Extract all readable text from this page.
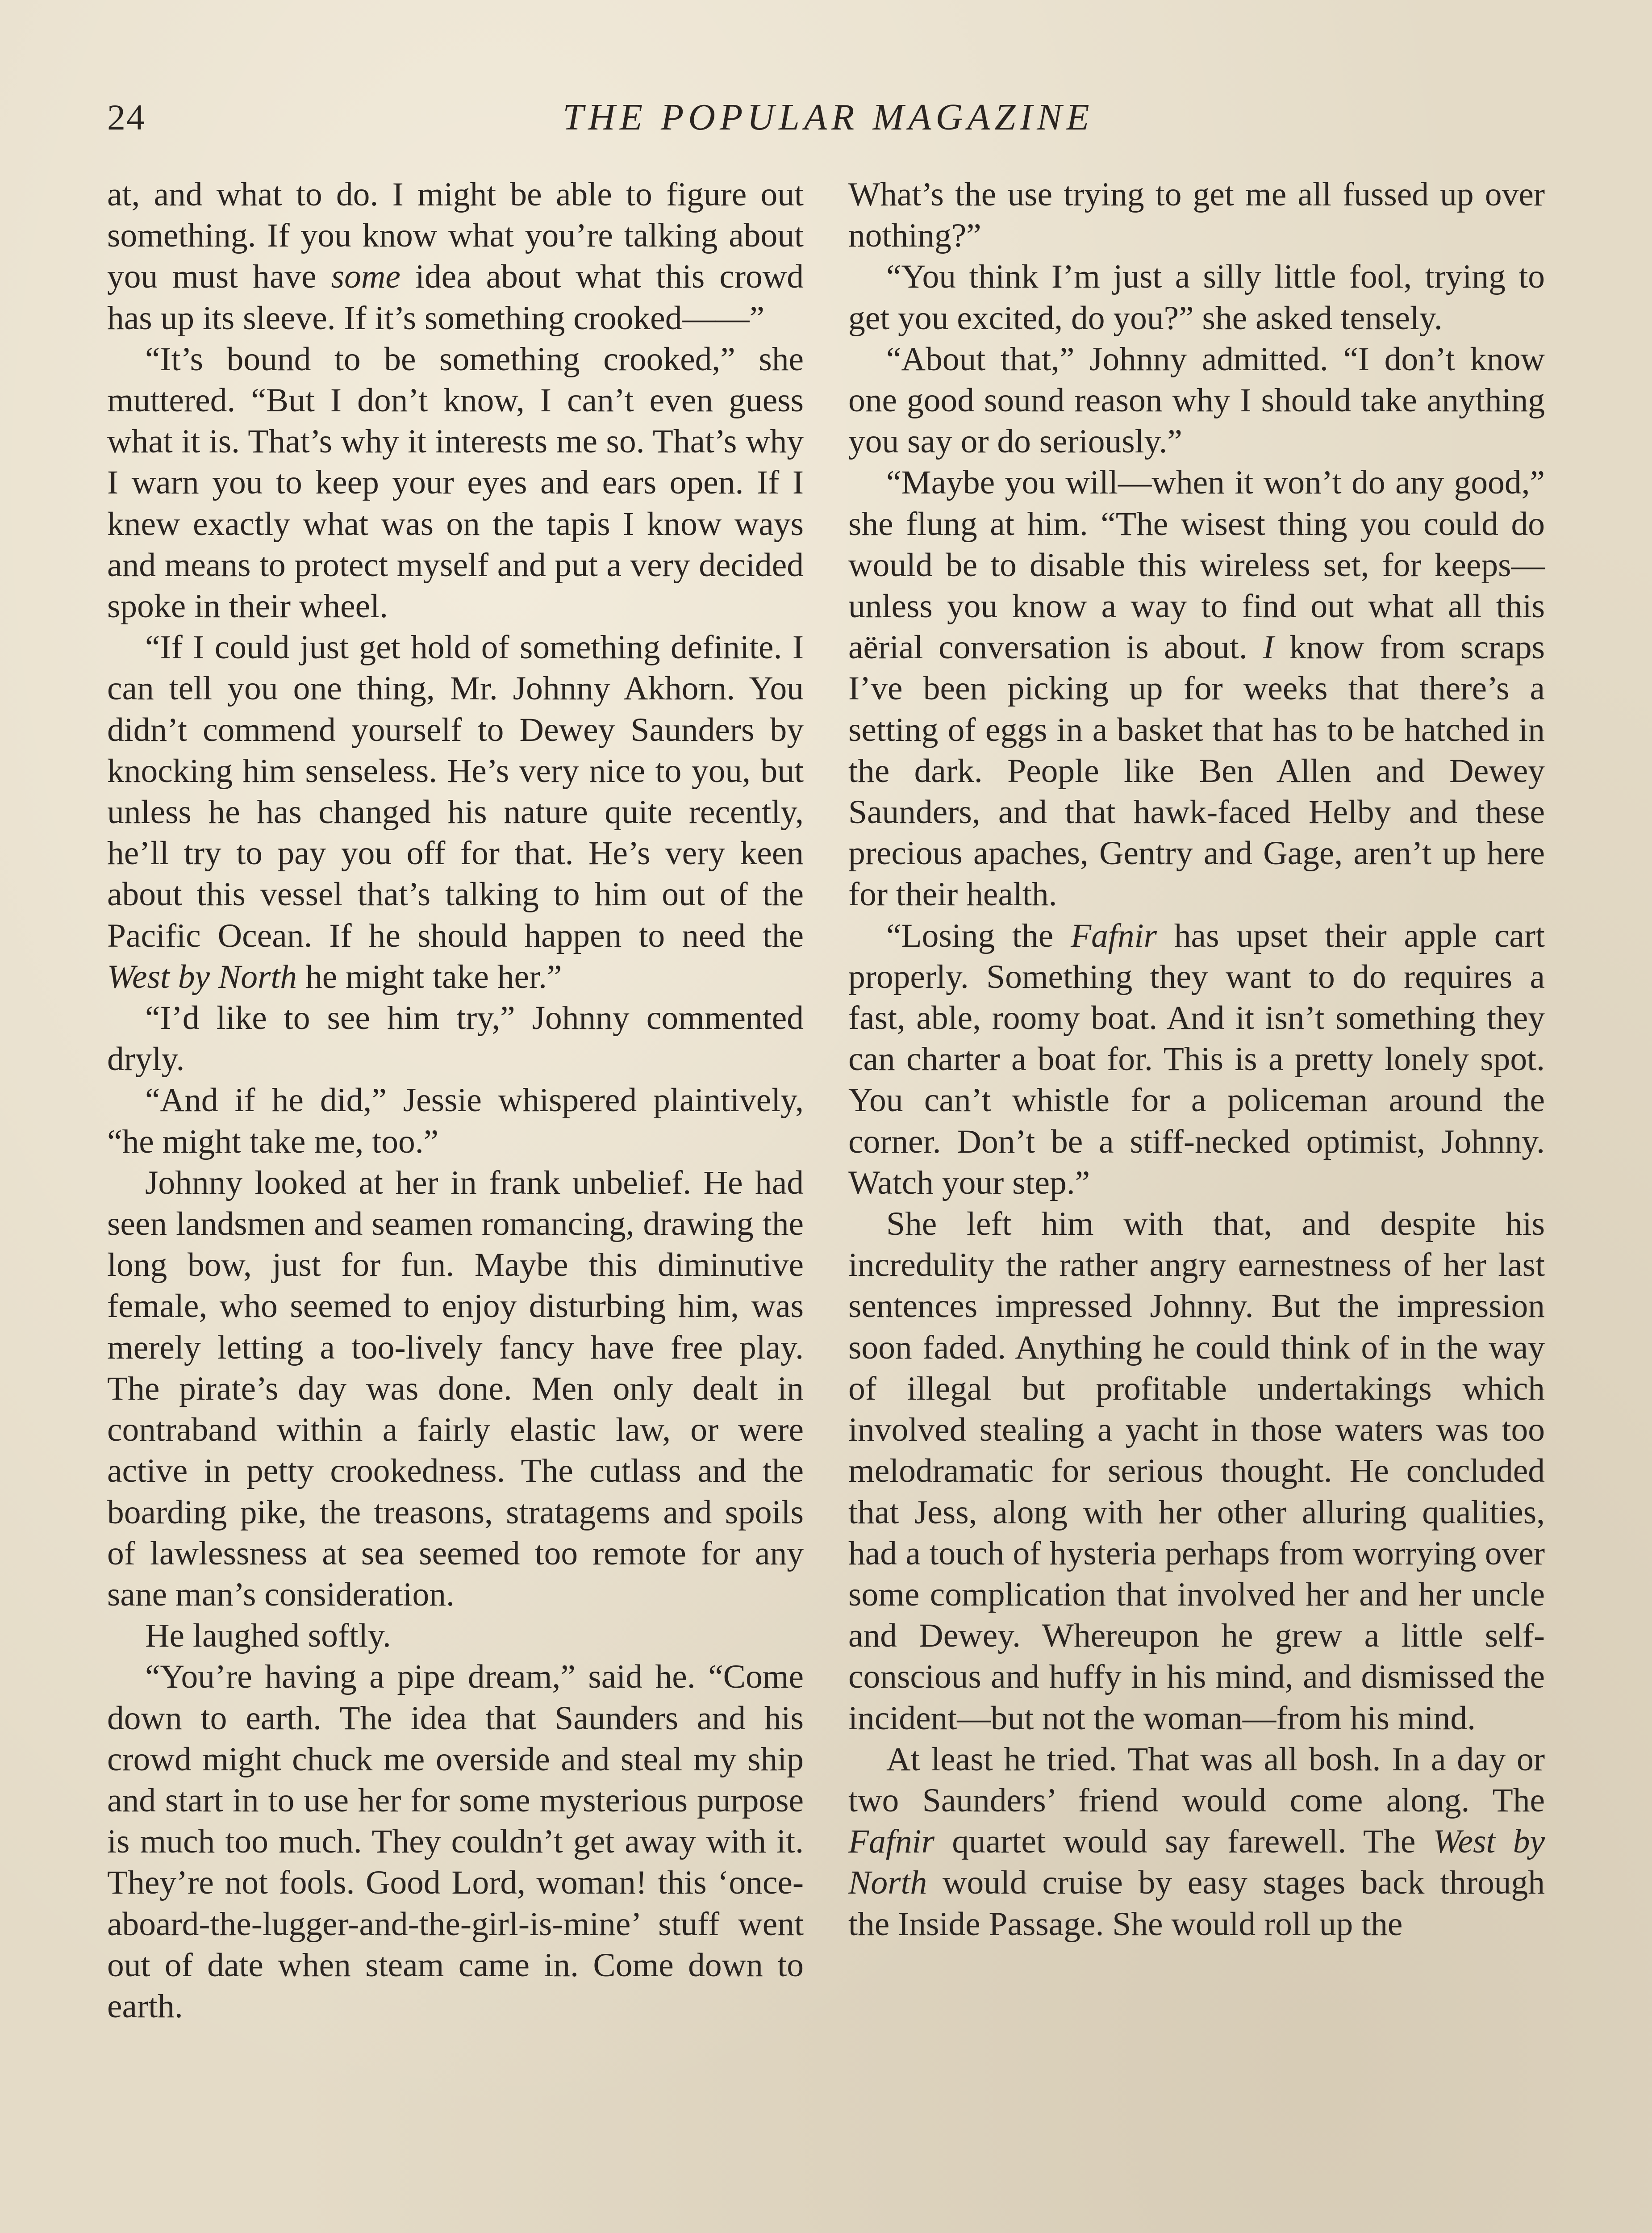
24	THE POPULAR MAGAZINE

at, and what to do. I might be able to figure out something. If you know what you’re talking about you must have some idea about what this crowd has up its sleeve. If it’s something crooked——”

“It’s bound to be something crooked,” she muttered. “But I don’t know, I can’t even guess what it is. That’s why it interests me so. That’s why I warn you to keep your eyes and ears open. If I knew exactly what was on the tapis I know ways and means to protect myself and put a very decided spoke in their wheel.

“If I could just get hold of something definite. I can tell you one thing, Mr. Johnny Akhorn. You didn’t commend yourself to Dewey Saunders by knocking him senseless. He’s very nice to you, but unless he has changed his nature quite recently, he’ll try to pay you off for that. He’s very keen about this vessel that’s talking to him out of the Pacific Ocean. If he should happen to need the West by North he might take her.”

“I’d like to see him try,” Johnny commented dryly.

“And if he did,” Jessie whispered plaintively, “he might take me, too.”

Johnny looked at her in frank unbelief. He had seen landsmen and seamen romancing, drawing the long bow, just for fun. Maybe this diminutive female, who seemed to enjoy disturbing him, was merely letting a too-lively fancy have free play. The pirate’s day was done. Men only dealt in contraband within a fairly elastic law, or were active in petty crookedness. The cutlass and the boarding pike, the treasons, stratagems and spoils of lawlessness at sea seemed too remote for any sane man’s consideration.

He laughed softly.

“You’re having a pipe dream,” said he. “Come down to earth. The idea that Saunders and his crowd might chuck me overside and steal my ship and start in to use her for some mysterious purpose is much too much. They couldn’t get away with it. They’re not fools. Good Lord, woman! this ‘once-aboard-the-lugger-and-the-girl-is-mine’ stuff went out of date when steam came in. Come down to earth.

What’s the use trying to get me all fussed up over nothing?”

“You think I’m just a silly little fool, trying to get you excited, do you?” she asked tensely.

“About that,” Johnny admitted. “I don’t know one good sound reason why I should take anything you say or do seriously.”

“Maybe you will—when it won’t do any good,” she flung at him. “The wisest thing you could do would be to disable this wireless set, for keeps—unless you know a way to find out what all this aërial conversation is about. I know from scraps I’ve been picking up for weeks that there’s a setting of eggs in a basket that has to be hatched in the dark. People like Ben Allen and Dewey Saunders, and that hawk-faced Helby and these precious apaches, Gentry and Gage, aren’t up here for their health.

“Losing the Fafnir has upset their apple cart properly. Something they want to do requires a fast, able, roomy boat. And it isn’t something they can charter a boat for. This is a pretty lonely spot. You can’t whistle for a policeman around the corner. Don’t be a stiff-necked optimist, Johnny. Watch your step.”

She left him with that, and despite his incredulity the rather angry earnestness of her last sentences impressed Johnny. But the impression soon faded. Anything he could think of in the way of illegal but profitable undertakings which involved stealing a yacht in those waters was too melodramatic for serious thought. He concluded that Jess, along with her other alluring qualities, had a touch of hysteria perhaps from worrying over some complication that involved her and her uncle and Dewey. Whereupon he grew a little self-conscious and huffy in his mind, and dismissed the incident—but not the woman—from his mind.

At least he tried. That was all bosh. In a day or two Saunders’ friend would come along. The Fafnir quartet would say farewell. The West by North would cruise by easy stages back through the Inside Passage. She would roll up the
